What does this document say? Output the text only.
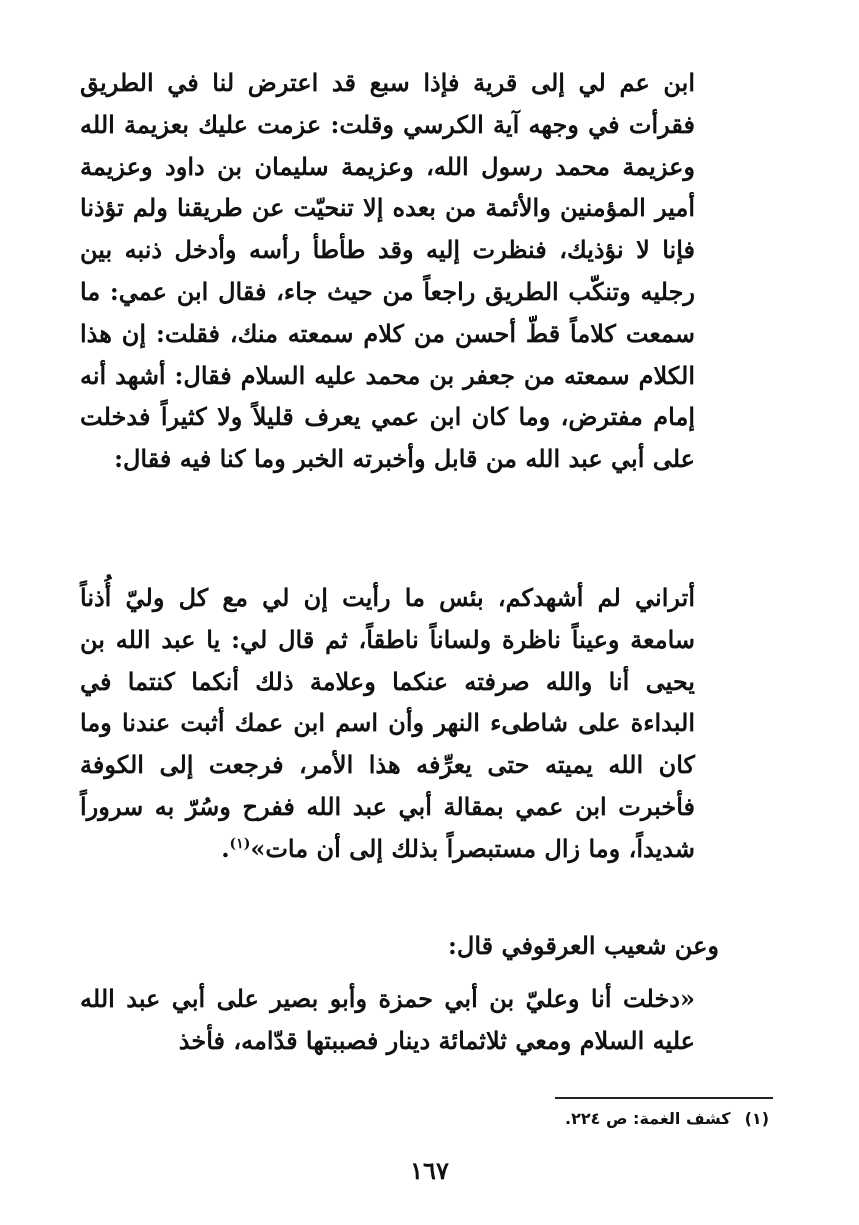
ابن عم لي إلى قرية فإذا سبع قد اعترض لنا في الطريق فقرأت في وجهه آية الكرسي وقلت: عزمت عليك بعزيمة الله وعزيمة محمد رسول الله، وعزيمة سليمان بن داود وعزيمة أمير المؤمنين والأئمة من بعده إلا تنحيّت عن طريقنا ولم تؤذنا فإنا لا نؤذيك، فنظرت إليه وقد طأطأ رأسه وأدخل ذنبه بين رجليه وتنكّب الطريق راجعاً من حيث جاء، فقال ابن عمي: ما سمعت كلاماً قطّ أحسن من كلام سمعته منك، فقلت: إن هذا الكلام سمعته من جعفر بن محمد عليه السلام فقال: أشهد أنه إمام مفترض، وما كان ابن عمي يعرف قليلاً ولا كثيراً فدخلت على أبي عبد الله من قابل وأخبرته الخبر وما كنا فيه فقال:
أتراني لم أشهدكم، بئس ما رأيت إن لي مع كل وليّ أُذناً سامعة وعيناً ناظرة ولساناً ناطقاً، ثم قال لي: يا عبد الله بن يحيى أنا والله صرفته عنكما وعلامة ذلك أنكما كنتما في البداءة على شاطىء النهر وأن اسم ابن عمك أثبت عندنا وما كان الله يميته حتى يعرِّفه هذا الأمر، فرجعت إلى الكوفة فأخبرت ابن عمي بمقالة أبي عبد الله ففرح وسُرّ به سروراً شديداً، وما زال مستبصراً بذلك إلى أن مات»$^{(١)}$.
وعن شعيب العرقوفي قال:
«دخلت أنا وعليّ بن أبي حمزة وأبو بصير على أبي عبد الله عليه السلام ومعي ثلاثمائة دينار فصببتها قدّامه، فأخذ
(١)كشف الغمة: ص ٢٢٤.
١٦٧
